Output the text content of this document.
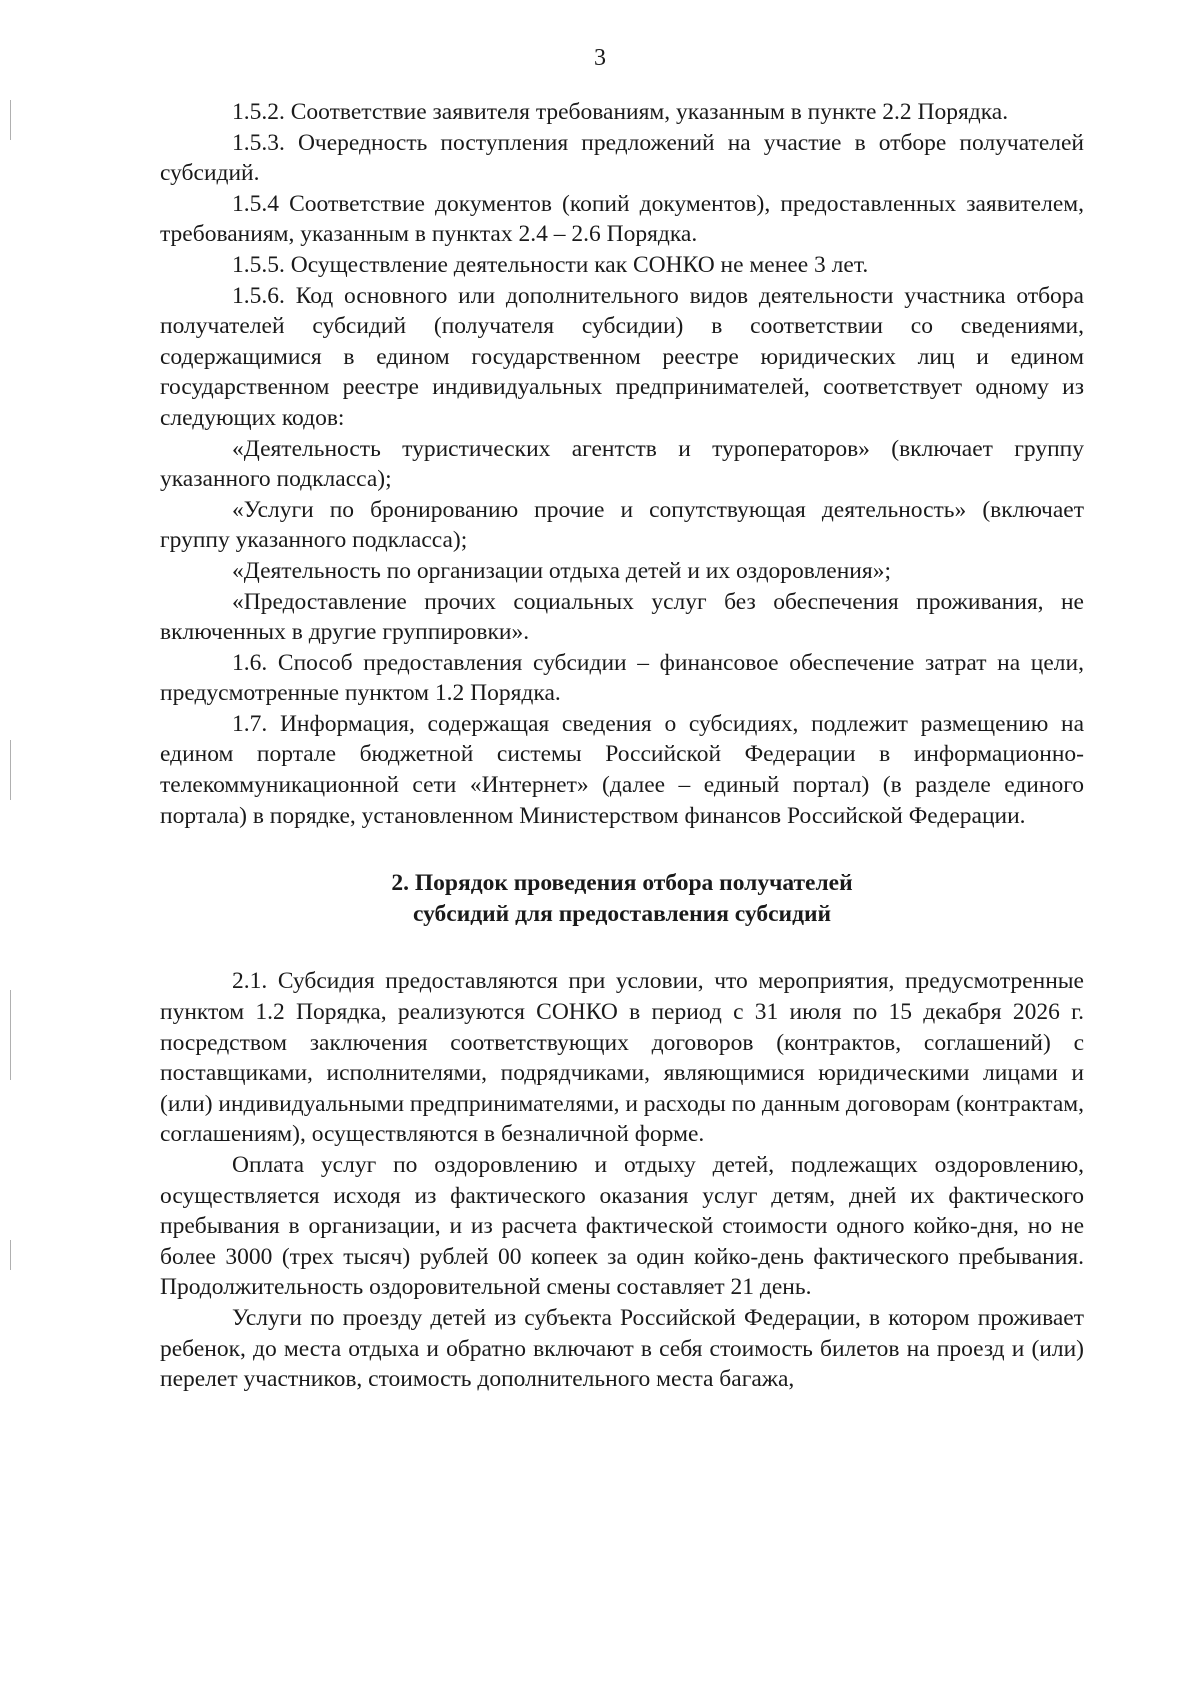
3

1.5.2. Соответствие заявителя требованиям, указанным в пункте 2.2 Порядка.

1.5.3. Очередность поступления предложений на участие в отборе получателей субсидий.

1.5.4 Соответствие документов (копий документов), предоставленных заявителем, требованиям, указанным в пунктах 2.4 – 2.6 Порядка.

1.5.5. Осуществление деятельности как СОНКО не менее 3 лет.

1.5.6. Код основного или дополнительного видов деятельности участника отбора получателей субсидий (получателя субсидии) в соответствии со сведениями, содержащимися в едином государственном реестре юридических лиц и едином государственном реестре индивидуальных предпринимателей, соответствует одному из следующих кодов:

«Деятельность туристических агентств и туроператоров» (включает группу указанного подкласса);

«Услуги по бронированию прочие и сопутствующая деятельность» (включает группу указанного подкласса);

«Деятельность по организации отдыха детей и их оздоровления»;

«Предоставление прочих социальных услуг без обеспечения проживания, не включенных в другие группировки».

1.6. Способ предоставления субсидии – финансовое обеспечение затрат на цели, предусмотренные пунктом 1.2 Порядка.

1.7. Информация, содержащая сведения о субсидиях, подлежит размещению на едином портале бюджетной системы Российской Федерации в информационно-телекоммуникационной сети «Интернет» (далее – единый портал) (в разделе единого портала) в порядке, установленном Министерством финансов Российской Федерации.

2. Порядок проведения отбора получателей
субсидий для предоставления субсидий

2.1. Субсидия предоставляются при условии, что мероприятия, предусмотренные пунктом 1.2 Порядка, реализуются СОНКО в период с 31 июля по 15 декабря 2026 г. посредством заключения соответствующих договоров (контрактов, соглашений) с поставщиками, исполнителями, подрядчиками, являющимися юридическими лицами и (или) индивидуальными предпринимателями, и расходы по данным договорам (контрактам, соглашениям), осуществляются в безналичной форме.

Оплата услуг по оздоровлению и отдыху детей, подлежащих оздоровлению, осуществляется исходя из фактического оказания услуг детям, дней их фактического пребывания в организации, и из расчета фактической стоимости одного койко-дня, но не более 3000 (трех тысяч) рублей 00 копеек за один койко-день фактического пребывания. Продолжительность оздоровительной смены составляет 21 день.

Услуги по проезду детей из субъекта Российской Федерации, в котором проживает ребенок, до места отдыха и обратно включают в себя стоимость билетов на проезд и (или) перелет участников, стоимость дополнительного места багажа,
